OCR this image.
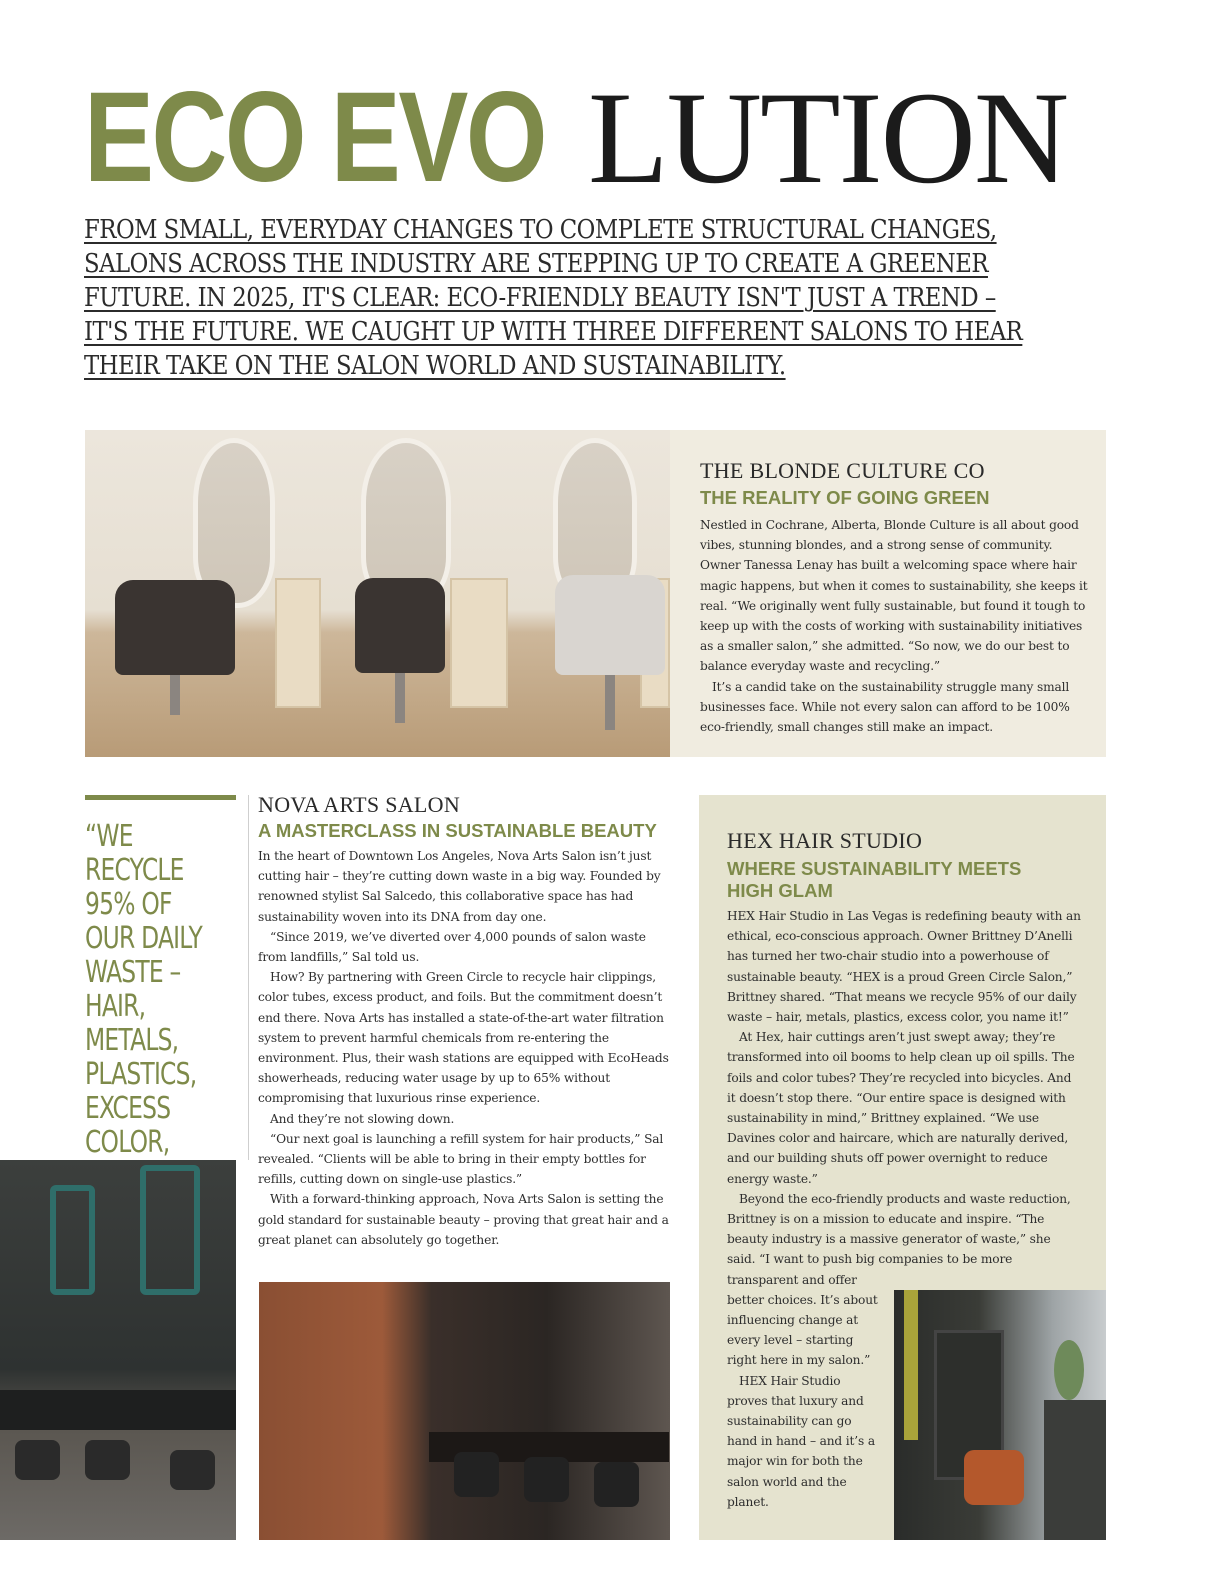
ECO EVO LUTION
FROM SMALL, EVERYDAY CHANGES TO COMPLETE STRUCTURAL CHANGES,
SALONS ACROSS THE INDUSTRY ARE STEPPING UP TO CREATE A GREENER
FUTURE. IN 2025, IT'S CLEAR: ECO-FRIENDLY BEAUTY ISN'T JUST A TREND –
IT'S THE FUTURE. WE CAUGHT UP WITH THREE DIFFERENT SALONS TO HEAR
THEIR TAKE ON THE SALON WORLD AND SUSTAINABILITY.
THE BLONDE CULTURE CO
THE REALITY OF GOING GREEN

Nestled in Cochrane, Alberta, Blonde Culture is all about good vibes, stunning blondes, and a strong sense of community. Owner Tanessa Lenay has built a welcoming space where hair magic happens, but when it comes to sustainability, she keeps it real. “We originally went fully sustainable, but found it tough to keep up with the costs of working with sustainability initiatives as a smaller salon,” she admitted. “So now, we do our best to balance everyday waste and recycling.”

It’s a candid take on the sustainability struggle many small businesses face. While not every salon can afford to be 100% eco-friendly, small changes still make an impact.

“WE RECYCLE 95% OF OUR DAILY WASTE – HAIR, METALS, PLASTICS, EXCESS COLOR,
NOVA ARTS SALON
A MASTERCLASS IN SUSTAINABLE BEAUTY

In the heart of Downtown Los Angeles, Nova Arts Salon isn’t just cutting hair – they’re cutting down waste in a big way. Founded by renowned stylist Sal Salcedo, this collaborative space has had sustainability woven into its DNA from day one.

“Since 2019, we’ve diverted over 4,000 pounds of salon waste from landfills,” Sal told us.

How? By partnering with Green Circle to recycle hair clippings, color tubes, excess product, and foils. But the commitment doesn’t end there. Nova Arts has installed a state-of-the-art water filtration system to prevent harmful chemicals from re-entering the environment. Plus, their wash stations are equipped with EcoHeads showerheads, reducing water usage by up to 65% without compromising that luxurious rinse experience.

And they’re not slowing down.

“Our next goal is launching a refill system for hair products,” Sal revealed. “Clients will be able to bring in their empty bottles for refills, cutting down on single-use plastics.”

With a forward-thinking approach, Nova Arts Salon is setting the gold standard for sustainable beauty – proving that great hair and a great planet can absolutely go together.

HEX HAIR STUDIO
WHERE SUSTAINABILITY MEETS HIGH GLAM

HEX Hair Studio in Las Vegas is redefining beauty with an ethical, eco-conscious approach. Owner Brittney D’Anelli has turned her two-chair studio into a powerhouse of sustainable beauty. “HEX is a proud Green Circle Salon,” Brittney shared. “That means we recycle 95% of our daily waste – hair, metals, plastics, excess color, you name it!”

At Hex, hair cuttings aren’t just swept away; they’re transformed into oil booms to help clean up oil spills. The foils and color tubes? They’re recycled into bicycles. And it doesn’t stop there. “Our entire space is designed with sustainability in mind,” Brittney explained. “We use Davines color and haircare, which are naturally derived, and our building shuts off power overnight to reduce energy waste.”

Beyond the eco-friendly products and waste reduction, Brittney is on a mission to educate and inspire. “The beauty industry is a massive generator of waste,” she said. “I want to push big companies to be more

transparent and offer better choices. It’s about influencing change at every level – starting right here in my salon.”

HEX Hair Studio proves that luxury and sustainability can go hand in hand – and it’s a major win for both the salon world and the planet.
